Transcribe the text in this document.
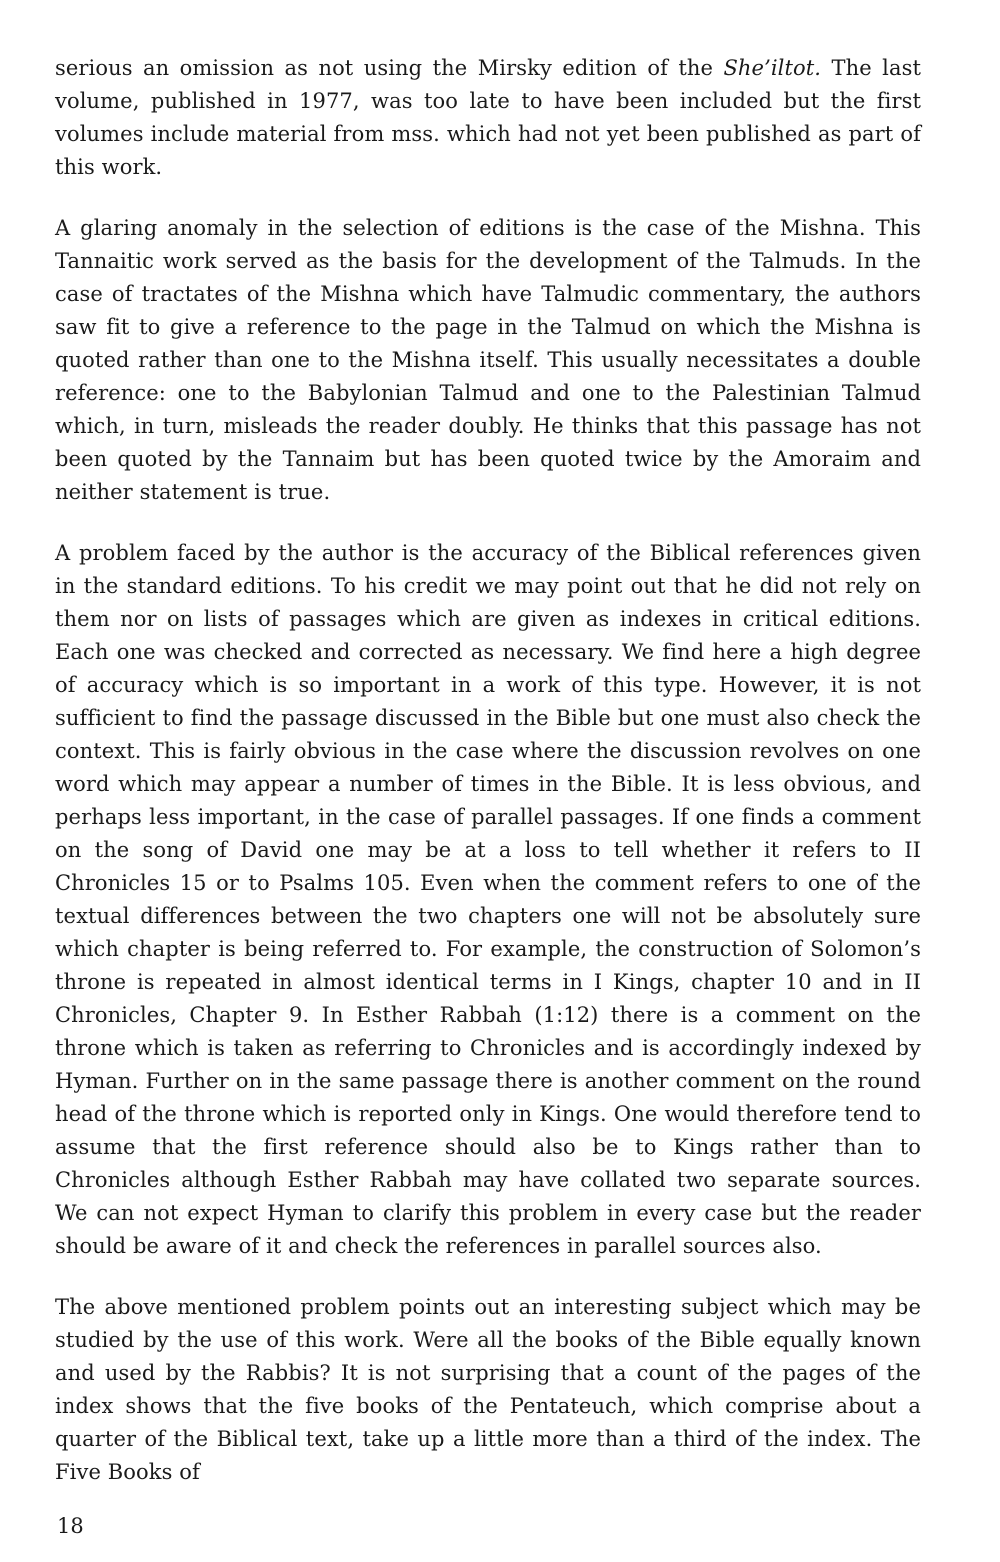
serious an omission as not using the Mirsky edition of the She’iltot. The last volume, published in 1977, was too late to have been included but the first volumes include material from mss. which had not yet been published as part of this work.

A glaring anomaly in the selection of editions is the case of the Mishna. This Tannaitic work served as the basis for the development of the Talmuds. In the case of tractates of the Mishna which have Talmudic commentary, the authors saw fit to give a reference to the page in the Talmud on which the Mishna is quoted rather than one to the Mishna itself. This usually necessitates a double reference: one to the Babylonian Talmud and one to the Palestinian Talmud which, in turn, misleads the reader doubly. He thinks that this passage has not been quoted by the Tannaim but has been quoted twice by the Amoraim and neither statement is true.

A problem faced by the author is the accuracy of the Biblical references given in the standard editions. To his credit we may point out that he did not rely on them nor on lists of passages which are given as indexes in critical editions. Each one was checked and corrected as necessary. We find here a high degree of accuracy which is so important in a work of this type. However, it is not sufficient to find the passage discussed in the Bible but one must also check the context. This is fairly obvious in the case where the discussion revolves on one word which may appear a number of times in the Bible. It is less obvious, and perhaps less important, in the case of parallel passages. If one finds a comment on the song of David one may be at a loss to tell whether it refers to II Chronicles 15 or to Psalms 105. Even when the comment refers to one of the textual differences between the two chapters one will not be absolutely sure which chapter is being referred to. For example, the construction of Solomon’s throne is repeated in almost identical terms in I Kings, chapter 10 and in II Chronicles, Chapter 9. In Esther Rabbah (1:12) there is a comment on the throne which is taken as referring to Chronicles and is accordingly indexed by Hyman. Further on in the same passage there is another comment on the round head of the throne which is reported only in Kings. One would therefore tend to assume that the first reference should also be to Kings rather than to Chronicles although Esther Rabbah may have collated two separate sources. We can not expect Hyman to clarify this problem in every case but the reader should be aware of it and check the references in parallel sources also.

The above mentioned problem points out an interesting subject which may be studied by the use of this work. Were all the books of the Bible equally known and used by the Rabbis? It is not surprising that a count of the pages of the index shows that the five books of the Pentateuch, which comprise about a quarter of the Biblical text, take up a little more than a third of the index. The Five Books of

18
